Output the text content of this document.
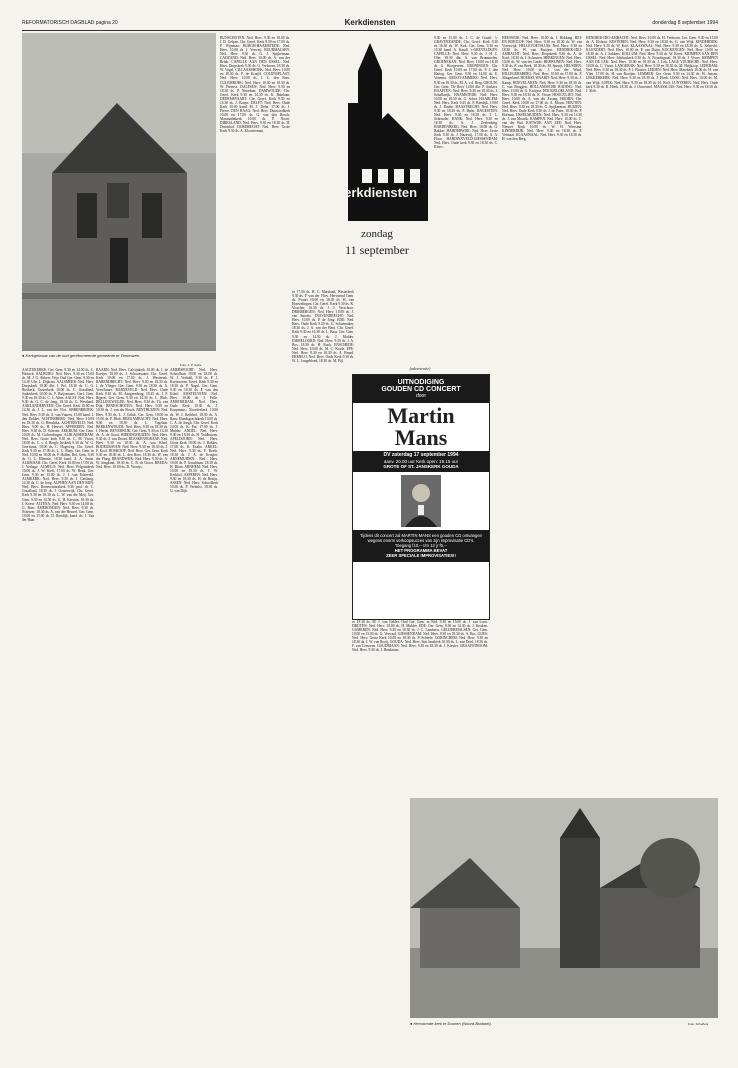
REFORMATORISCH DAGBLAD pagina 20	Kerkdiensten	donderdag 8 september 1994
● Kerkgebouw van de oud gereformeerde gemeente te Terneuzen.
Foto: J. P. Gebe
kerkdiensten
zondag
11 september
AAGTEKERKE: Ger. Gem. 9.30 en 14.00 ds. C. Harinck. AALBURG: Ned. Herv. 9.30 en 15.00 ds. M. J. G. Akkerr. Vrije Oud Ger. Gem. 9.30 en 14.30 Uhr. L. Dijkstra. AALSMEER: Ned. Herv. Dorpskerk 10.00 dhr. J. Pel, 18.30 ds. C. G. Rietkerk; Oosterkerk 10.00 ds. C. Graafland, Suikerkerk 10.00 ds. F. Ruijsenaars. Gerf. Gem. 9.30 en 18.30 ds. C. L. Alten. AALST: Ned. Herv. 9.30 ds. G. C. de Jong, 18.30 ds. G. Westland. AARLANDERVEEN: Chr. Geref. Kerk 10.00 en 14.30 ds. J. L. van der Vlot. ABBENBROEK: Ned. Herv. 9.30 ds. A. van Vuuren, 15.00 kand. J. den Dekker. ACHTERBERG: Ned. Herv. 10.00 en 18.30 ds. G. Hendrika. ACHTERVELD: Ned. Herv. 9.00 ds. H. Heuvel. AFFERDEN: Ned. Herv. 9.30 ds. D. Scheuer. AKKRUM: Ger. Gem. 10.00 ds. M. Golverdingen. ALBLASSERDAM: Ned. Herv. Grote kerk 9.30 ds. C. M. Visser, 18.00 ds. C. v. d. Bergh; Iriskerk 9.30 ds. W. G. Gerritsma, 18.00 ds. C. Hogeweg. Chr. Geref. Kerk 9.30 en 17.00 ds. L. C. Buijs. Ger. Gem. in Ned. 10.00 en 18.00 ds. P. Hallen, Ref. Gem. 9.30 ds. G. L. Hlemste, 18.30 kand. A. A. Smits. ALKMAAR: Chr. Geref. Kerk 10.00 en 17.00 ds. J. Verhage. ALMELO: Ned. Herv. Pelgrimkerk 10.00 ds. J. W. Kieft, 17.00 ds. W. Henk. Ger. Gem. 9.30 en 15.00 ds. J. J. van Eckeveld. ALMKERK: Ned. Herv. 9.30 ds. J. Catsburg, 14.30 ds. C. de Jong. ALPHEN AAN DEN RIJN: Ned. Herv. Bonaventurakerk 9.30 prof. dr. C. Graafland, 18.30 ds. J. Oosterwijk. Chr. Geref. Kerk 9.30 en 16.30 ds. L. W. van der Meij. Ger. Gem. 9.30 en 14.30 ds. G. H. Kersten, 18.30 ds. J. Koese. ALTENA: Ned. Herv. 9.30 en 14.00 ds. G. Boer. AMERONGEN: Ned. Herv. 9.30 ds. Scherzer, 18.30 ds. A. van der Heuvel. Ger. Gem. 10.00 en 15.00 ds. D. Rietdijk, kand. ds. J. Van der Haar.
BAARN: Ned. Herv. Calvijnkerk 10.00 ds. J. de Koeijer, 18.00 ds. J. Schoonwater. Chr. Geref. Kerk 10.00 en 17.00 ds. J. Westerink. BARENDRECHT: Ned. Herv. 9.30 en 18.30 ds. J. de Vlieger. Ger. Gem. 9.30 en 18.30 ds. A. Verschuure. BARNEVELD: Ned. Herv. Oude Kerk 9.30 ds. M. Aangeenbrug, 18.45 ds. J. F. Rijpert. Ger. Gem. 9.30 en 14.30 ds. L. Blok. BELLINGWOLDE: Ned. Herv. 9.30 ds. Th. van Dijk. BENESCHOTEN: Ned. Herv. 9.30 en 18.30 ds. J. van der Bosch. BENTHUIZEN: Ned. Herv. 9.30 ds. L. J. Geluk. Ger. Gem. 10.00 en 15.00 ds. P. Blok. BERGAMBACHT: Ned. Herv. 9.30 en 18.30 ds. L. Vogelaar. BERKENWOUDE: Ned. Herv. 9.30 en 18.30 ds. J. Herfst. BEVERWIJK: Ger. Gem. 9.30 en 14.30 ds. A. de Graaf. BIDDINGHUIZEN: Ned. Herv. 9.30 ds. J. van Doorn. BLESKENSGRAAF: Ned. Herv. 9.30 en 18.30 ds. A. van Kleef. BODEGRAVEN: Ned. Herv. 9.30 en 18.30 ds. J. F. Kool. BOSKOOP: Ned. Herv. Ger. Gem. Kerk 9.30 en 18.30 ds. L. den Boer, 18.30 ds. W. van der Ploeg. BRANDWIJK: Ned. Herv. 9.30 ds. A. W. Jongkind, 18.30 ds. C. B. de Groot. BREDA: Ned. Herv. 10.00 ds. D. Verwijs.
BUNSCHOTEN: Ned. Herv. 9.30 en 18.00 ds. J. D. Gelpen. Chr. Geref. Kerk 9.30 en 17.00 ds. P. Wijnman. BURGH-HAAMSTEDE: Ned. Herv. 10.00 ds. J. Verweij. BUURMALSEN: Ned. Herv. 9.30 ds. G. J. Spijkerman. CADZAND: Ned. Herv. 10.00 ds. A. van der Brink. CAPELLE AAN DEN IJSSEL: Ned. Herv. Dorpskerk 9.30 ds. G. Verboom, 18.30 ds. W. Vogel. CILLAARSHOEK: Ned. Herv. 10.00 en 18.30 ds. P. de Kruijff. COLIJNSPLAAT: Ned. Herv. 10.00 ds. J. C. den Boer. CULEMBORG: Ned. Herv. 10.00 en 18.30 ds. W. Pieterse. DALFSEN: Ned. Herv. 9.30 en 18.30 ds. P. Noordam. DAMWOUDE: Chr. Geref. Kerk 9.30 en 14.30 ds. K. Batelaan. DEDEMSVAART: Chr. Geref. Kerk 9.30 en 14.30 ds. J. Koops. DELFT: Ned. Herv. Oude Kerk 10.00 kand. M. J. Tiebe, 17.00 ds. J. Pierce. DEN HAAG: Ned. Herv. Duinoordkerk 10.00 en 17.00 ds. G. van den Bosch; Maranathakerk 10.00 ds. P. Noort. DIRKSLAND: Ned. Herv. 9.30 en 18.30 ds. H. Doornhof. DORDRECHT: Ned. Herv. Grote Kerk 9.30 ds. A. Kloosterman.
9.30 en 15.00 ds. J. C. de Graaff. 's-GRAVENZANDE: Chr. Geref. Kerk 9.30 en 16.30 ds. W. Kok. Ger. Gem. 9.30 en 15.30 kand. A. Kandl. 's-GREVELDUIN-CAPELLE: Ned. Herv. 9.30 ds. J. H. C. Olie, 18.30 dhr. A. van Brummelen. GROENEKAN: Ned. Herv. 10.00 en 18.30 ds. G. Hoogeveen. GRONINGEN: Chr. Geref. Kerk 10.00 en 17.00 ds. P. J. den Hartog. Ger. Gem. 9.30 en 14.00 ds. E. Venema. GROOT-AMMERS: Ned. Herv. 9.30 en 18.30 ds. M. A. v.d. Berg. GROUW: Ger. Gem. 'De Boer' 14.00 dhr. P. Jonkers. HAAFTEN: Ned. Herv. 9.30 en 18.30 ds. J. Schalkwijk. HAAMSTEDE: Ned. Herv. 10.00 en 18.30 ds. G. Schot. HAARLEM: Ned. Herv. Kerk 9.45 ds. F. Rietdijk, 19.00 ds. J. Daube. HAASTRECHT: Ned. Herv. 9.30 en 18.30 ds. P. Hulst. HAGESTEIN: Ned. Herv. 9.30 en 18.30 ds. J. L. Schreuder. HANK: Ned. Herv. 9.30 en 18.30 ds. A. J. Zeelenberg. HARDENBERG: Ned. Herv. 10.00 ds. G. Bakker. HARDERWIJK: Ned. Herv. Grote Kerk 9.30 ds. J. Hazewij, 17.00 ds. A. A. Floor. HARDINXVELD-GIESSENDAM: Ned. Herv. Oude kerk 9.30 en 18.30 ds. C. Kloos.
es 17.00 ds. H. C. Marsland, Westerkerk 9.30 ds. P. van der Vlies. Hervormd Gem. ds. Fvaart 10.00 en 18.30 ds. H. van Houwelingen. Chr. Geref. Kerk 9.30 ds. K. Visscher, 16.30 ds. J. J. Verschoor. DRIEBERGEN: Ned. Herv. 10.00 ds. J. van Smeets. DUIVENDRECHT: Ned. Herv. 10.00 ds. P. de Jong. EDE: Ned. Herv. Oude Kerk 9.30 ds. G. Schoemaker, 18.30 ds. J. A. van der Bent. Chr. Geref. Kerk 9.30 en 16.30 ds. L. Baas. Ger. Gem. 9.30 en 14.30 ds. J. Mulder. EMMELOORD: Ned. Herv. 9.30 ds. J. A. Bos, 18.30 ds. H. Ruck. ENSCHEDE: Ned. Herv. 10.00 ds. M. C. Koole. EPE: Ned. Herv. 9.30 en 18.30 ds. A. Brand. ERMELO: Ned. Herv. Oude Kerk 9.30 ds. W. L. Jongebloed, 18.30 ds. M. Pijl.
es 18.30 ds. M. J. van Gelder. Oud Ger. Gem. in Ned. 9.30 en 15.00 ds. J. van Loon. DRUTEN: Ned. Herv. 10.00 ds. H. Mulder. EDE: Ger. Gem. 9.30 en 14.30 ds. J. Keuken. GAMEREN: Ned. Herv. 9.30 en 18.30 ds. J. C. Lamberts. GELDERMALSEN: Ger. Gem. 10.00 en 15.00 ds. G. Verwaal. GIESSENDAM: Ned. Herv. 9.30 en 18.30 ds. A. Bos. GOES: Ned. Herv. Grote Kerk 10.00 en 18.30 ds. P. Scheele. GORINCHEM: Ned. Herv. 9.30 en 18.30 ds. J. W. van Rooij. GOUDA: Ned. Herv. Sint Janskerk 10.00 ds. L. van Driel, 18.30 ds. F. van Leeuwen. GOUDRIAAN: Ned. Herv. 9.30 en 18.30 ds. J. Kieviet. GRAAFSTROOM: Ned. Herv. 9.30 ds. J. Brinkman.
HEESWIJK: Ned. Herv. 10.00 ds. J. Hekking. HEI- EN BOEICOP: Ned. Herv. 9.30 en 18.30 ds. W. van Vreeswijk. HELLEVOETSLUIS: Ned. Herv. 9.30 en 18.30 ds. W. van Rooijen. HENDRIK-IDO-AMBACHT: Ned. Herv. Dorpskerk 9.30 ds. A. de Kool, 18.30 ds. J. Schouten. HERKINGEN: Ned. Herv. 10.00 ds. W. van der Linde. HERWIJNEN: Ned. Herv. 9.30 ds. F. van Beek, 18.30 ds. M. Spruijt. HEUSDEN: Ned. Herv. 10.00 ds. J. van der Wind. HILLEGERSBERG: Ned. Herv. 10.00 en 17.00 ds. P. Slingerland. HOEKSE WAARD: Ned. Herv. 9.30 ds. J. Kamp. HOEVELAKEN: Ned. Herv. 9.30 en 18.30 ds. C. van Bruggen. HOLLANDSCHE RADING: Ned. Herv. 10.00 ds. G. Kruijsse. HOOGBLOKLAND: Ned. Herv. 9.30 en 18.30 ds. K. Visser. HOOGVLIET: Ned. Herv. 10.00 ds. A. van der Zwaag. HOORN: Chr. Geref. Kerk 10.00 en 17.00 ds. A. Mouw. HOUTEN: Ned. Herv. 9.30 en 18.30 ds. G. Spijkerman. HUIZEN: Ned. Herv. Oude Kerk 9.30 ds. J. de Pater, 18.30 ds. P. Hofman. IJSSELMUIDEN: Ned. Herv. 9.30 en 14.30 ds. J. van Mourik. KAMPEN: Ned. Herv. 10.00 ds. C. van der Wal. KATWIJK AAN ZEE: Ned. Herv. Nieuwe Kerk 10.00 ds. W. H. Wiersma. KINDERDIJK: Ned. Herv. 9.30 en 18.30 ds. P. Vermaat. KLAASWAAL: Ned. Herv. 9.30 en 18.30 ds. H. van den Berg.
HENDRIK-IDO-AMBACHT: Ned. Herv. 10.00 ds. H. Verboom. Ger. Gem. 9.30 en 15.00 ds. A. Elshout. KESTEREN: Ned. Herv. 9.30 en 18.30 ds. G. van Wijk. KINDERDIJK: Ned. Herv. 9.30 ds. W. Kort. KLAASWAAL: Ned. Herv. 9.30 en 18.30 ds. G. Sebrecht. KLUNDERT: Ned. Herv. 10.00 ds. P. van Duijn. KOCKENGEN: Ned. Herv. 10.00 en 18.30 ds. A. J. Sakkers. KOLLUM: Ned. Herv. 9.30 ds. W. Roest. KRIMPEN AAN DEN IJSSEL: Ned. Herv. Ichthuskerk 9.30 ds. A. Noordegraaf, 18.30 ds. J. Visser. KRIMPEN AAN DE LEK: Ned. Herv. 10.00 en 18.30 ds. J. Lok. LAGE VUURSCHE: Ned. Herv. 10.00 ds. C. Visser. LANGERAK: Ned. Herv. 9.30 en 18.30 ds. M. Heijkoop. LEERDAM: Ned. Herv. 9.30 en 18.30 ds. P. J. Plaisier. LEIDEN: Ned. Herv. Marekerk 10.00 ds. H. van Vliet, 17.00 ds. H. van Rooijen. LEMMER: Ger. Gem. 9.30 en 14.30 ds. W. Jansen. LEKKERKERK: Ned. Herv. 9.30 en 18.30 ds. J. Hoek. LISSE: Ned. Herv. 10.00 ds. M. van Wijk. LOPIK: Ned. Herv. 9.30 en 18.30 ds. H. Wolf. LUNTEREN: Ned. Herv. Oude kerk 9.30 ds. B. Hoek, 18.30 ds. J. Ouweneel. MAASSLUIS: Ned. Herv. 9.30 en 18.30 ds. J. Slob.
AMERSFOORT: Ned. Herv. Schoolhuis 10.00 en 18.00 ds. W. J. Verbuhl, 9.30 ds. P. J. Kortenoven. Geref. Kerk 9.30 en 18.30 ds. P. Nagel. Ger. Gem. 9.30 en 18.30 ds. F. van den Eshof. AMSTELVEEN: Ned. Herv. 10.00 ds. J. Pelle. AMSTERDAM: Ned. Herv. Oude Kerk 10.30 ds. J. Koopmans; Noorderkerk 10.00 ds. W. J. Kerkhof, 18.30 ds. A. Baas; Elandsgrachtkerk 10.00 ds. C. A. de Jongh. Chr. Geref. Kerk 10.00 ds. K. Pot, 17.00 ds. J. Mulder. ANDEL: Ned. Herv. 9.30 en 18.30 ds. H. Veldhuizen. APELDOORN: Ned. Herv. Grote Kerk 10.00 ds. J. Bakker, 17.00 ds. K. Exalto. ARKEL: Ned. Herv. 9.30 ds. F. Boele, 18.30 ds. J. A. de Kruijter. ARNEMUIDEN: Ned. Herv. 10.00 ds. P. Goudriaan, 18.30 ds. H. Blom. ARNHEM: Ned. Herv. 10.00 en 18.30 ds. T. W. Kerkhof. ASPEREN: Ned. Herv. 9.30 en 18.30 ds. H. de Bruijn. ASSEN: Ned. Herv. Schoolkerk 10.00 ds. P. Verhulst, 18.30 ds. G. van Dijk.
UITNODIGING
GOUDEN CD CONCERT
door
Martin
Mans
DV zaterdag 17 september 1994
aanv. 20.00 uur Kerk open: 19.15 uur
GROTE OF ST. JANSKERK GOUDA
Tijdens dit concert zal MARTIN MANS een gouden CD ontvangen wegens enorm verkoopsucces van zijn improvisatie CD's.
Toegang f10,-- t/m 12 jr f5,--
HET PROGRAMMA BEVAT
ZEER SPECIALE IMPROVISATIES!!
(advertentie)
● Hervormde kerk te Duuren (Noord-Brabant).	Foto: Scheffers
